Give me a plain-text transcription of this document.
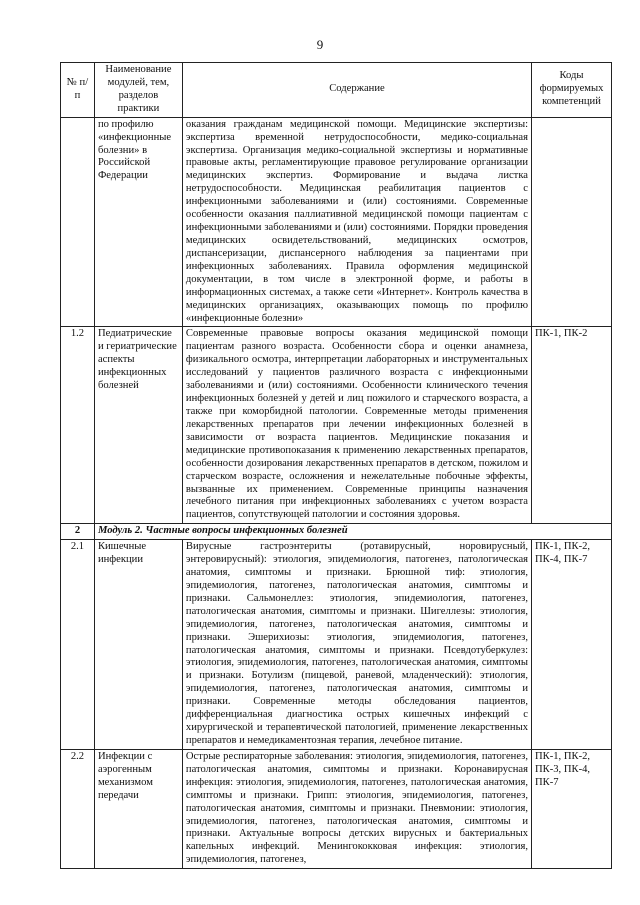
9
№ п/п	Наименование модулей, тем, разделов практики	Содержание	Коды формируемых компетенций
	по профилю «инфекционные болезни» в Российской Федерации	оказания гражданам медицинской помощи. Медицинские экспертизы: экспертиза временной нетрудоспособности, медико-социальная экспертиза. Организация медико-социальной экспертизы и нормативные правовые акты, регламентирующие правовое регулирование организации медицинских экспертиз. Формирование и выдача листка нетрудоспособности. Медицинская реабилитация пациентов с инфекционными заболеваниями и (или) состояниями. Современные особенности оказания паллиативной медицинской помощи пациентам с инфекционными заболеваниями и (или) состояниями. Порядки проведения медицинских освидетельствований, медицинских осмотров, диспансеризации, диспансерного наблюдения за пациентами при инфекционных заболеваниях. Правила оформления медицинской документации, в том числе в электронной форме, и работы в информационных системах, а также сети «Интернет». Контроль качества в медицинских организациях, оказывающих помощь по профилю «инфекционные болезни»	
1.2	Педиатрические и гериатрические аспекты инфекционных болезней	Современные правовые вопросы оказания медицинской помощи пациентам разного возраста. Особенности сбора и оценки анамнеза, физикального осмотра, интерпретации лабораторных и инструментальных исследований у пациентов различного возраста с инфекционными заболеваниями и (или) состояниями. Особенности клинического течения инфекционных болезней у детей и лиц пожилого и старческого возраста, а также при коморбидной патологии. Современные методы применения лекарственных препаратов при лечении инфекционных болезней в зависимости от возраста пациентов. Медицинские показания и медицинские противопоказания к применению лекарственных препаратов, особенности дозирования лекарственных препаратов в детском, пожилом и старческом возрасте, осложнения и нежелательные побочные эффекты, вызванные их применением. Современные принципы назначения лечебного питания при инфекционных заболеваниях с учетом возраста пациентов, сопутствующей патологии и состояния здоровья.	ПК-1, ПК-2
2	Модуль 2. Частные вопросы инфекционных болезней		
2.1	Кишечные инфекции	Вирусные гастроэнтериты (ротавирусный, норовирусный, энтеровирусный): этиология, эпидемиология, патогенез, патологическая анатомия, симптомы и признаки. Брюшной тиф: этиология, эпидемиология, патогенез, патологическая анатомия, симптомы и признаки. Сальмонеллез: этиология, эпидемиология, патогенез, патологическая анатомия, симптомы и признаки. Шигеллезы: этиология, эпидемиология, патогенез, патологическая анатомия, симптомы и признаки. Эшерихиозы: этиология, эпидемиология, патогенез, патологическая анатомия, симптомы и признаки. Псевдотуберкулез: этиология, эпидемиология, патогенез, патологическая анатомия, симптомы и признаки. Ботулизм (пищевой, раневой, младенческий): этиология, эпидемиология, патогенез, патологическая анатомия, симптомы и признаки. Современные методы обследования пациентов, дифференциальная диагностика острых кишечных инфекций с хирургической и терапевтической патологией, применение лекарственных препаратов и немедикаментозная терапия, лечебное питание.	ПК-1, ПК-2, ПК-4, ПК-7
2.2	Инфекции с аэрогенным механизмом передачи	Острые респираторные заболевания: этиология, эпидемиология, патогенез, патологическая анатомия, симптомы и признаки. Коронавирусная инфекция: этиология, эпидемиология, патогенез, патологическая анатомия, симптомы и признаки. Грипп: этиология, эпидемиология, патогенез, патологическая анатомия, симптомы и признаки. Пневмонии: этиология, эпидемиология, патогенез, патологическая анатомия, симптомы и признаки. Актуальные вопросы детских вирусных и бактериальных капельных инфекций. Менингококковая инфекция: этиология, эпидемиология, патогенез,	ПК-1, ПК-2, ПК-3, ПК-4, ПК-7
